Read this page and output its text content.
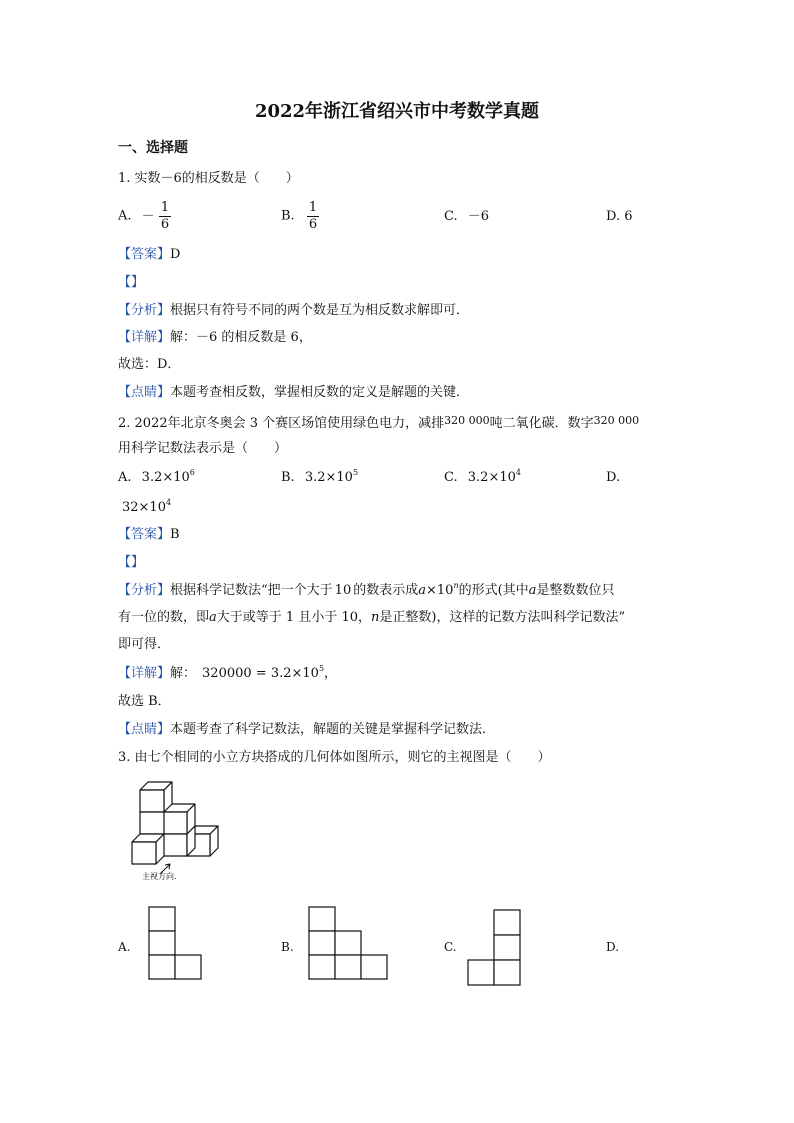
2022年浙江省绍兴市中考数学真题
一、选择题
1. 实数－6的相反数是（　　）
A. － $\frac{1}{6}$	B. $\frac{1}{6}$	C. －6	D. 6
【答案】D
【】
【分析】根据只有符号不同的两个数是互为相反数求解即可．
【详解】解：－6 的相反数是 6，
故选：D．
【点睛】本题考查相反数，掌握相反数的定义是解题的关键．
2. 2022年北京冬奥会 3 个赛区场馆使用绿色电力，减排$^{320 000}$吨二氧化碳．数字$^{320 000}$
用科学记数法表示是（　　）
A. $3.2\times 10^6$	B. $3.2\times 10^5$	C. $3.2\times 10^4$	D.
$32\times 10^4$
【答案】B
【】
【分析】根据科学记数法“把一个大于 10 的数表示成$a\times 10^n$的形式(其中a是整数数位只
有一位的数，即a大于或等于 1 且小于 10，n是正整数)，这样的记数方法叫科学记数法”
即可得．
【详解】解： $320000 = 3.2\times 10^5$，
故选 B．
【点睛】本题考查了科学记数法，解题的关键是掌握科学记数法．
3. 由七个相同的小立方块搭成的几何体如图所示，则它的主视图是（　　）
主视方向.
A.	B.	C.	D.
